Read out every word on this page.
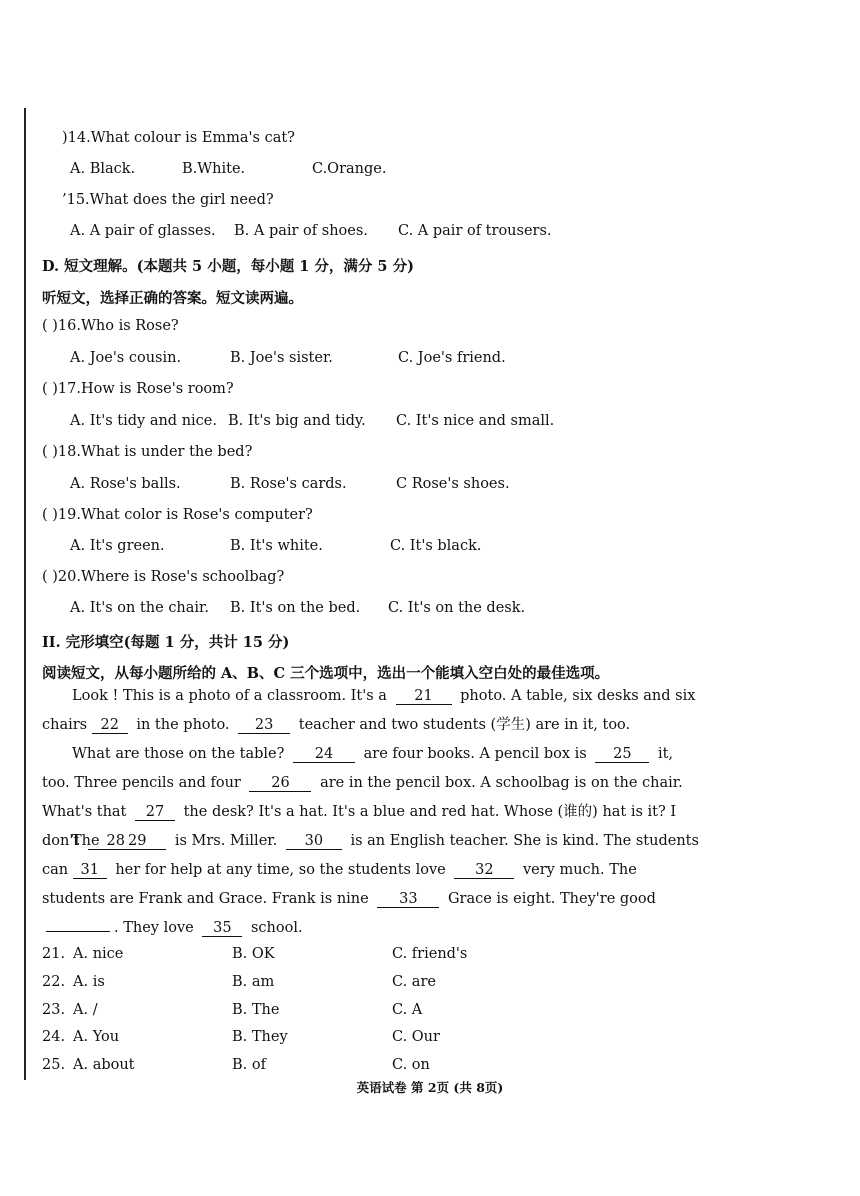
)14.What colour is Emma's cat?
A. Black.	B.White.	C.Orange.
’15.What does the girl need?
A. A pair of glasses. B. A pair of shoes. C. A pair of trousers.
D. 短文理解。(本题共 5 小题，每小题 1 分，满分 5 分)
听短文，选择正确的答案。短文读两遍。
( )16.Who is Rose?
A. Joe's cousin.	B. Joe's sister.	C. Joe's friend.
( )17.How is Rose's room?
A. It's tidy and nice. B. It's big and tidy. C. It's nice and small.
( )18.What is under the bed?
A. Rose's balls.	B. Rose's cards.	C Rose's shoes.
( )19.What color is Rose's computer?
A. It's green.	B. It's white.	C. It's black.
( )20.Where is Rose's schoolbag?
A. It's on the chair. B. It's on the bed. C. It's on the desk.
II. 完形填空(每题 1 分，共计 15 分)
阅读短文，从每小题所给的 A、B、C 三个选项中，选出一个能填入空白处的最佳选项。
Look ! This is a photo of a classroom. It's a 21 photo. A table, six desks and six chairs 22 in the photo. 23 teacher and two students (学生) are in it, too.
What are those on the table? 24 are four books. A pencil box is 25 it, too. Three pencils and four 26 are in the pencil box. A schoolbag is on the chair. What's that 27 the desk? It's a hat. It's a blue and red hat. Whose (谁的) hat is it? I don't 28
The 29 is Mrs. Miller. 30 is an English teacher. She is kind. The students can 31 her for help at any time, so the students love 32 very much. The students are Frank and Grace. Frank is nine 33 Grace is eight. They're good . They love 35 school.
21. A. nice	B. OK	C. friend's
22. A. is	B. am	C. are
23. A. /	B. The	C. A
24. A. You	B. They	C. Our
25. A. about	B. of	C. on
英语试卷 第 2页 (共 8页)
